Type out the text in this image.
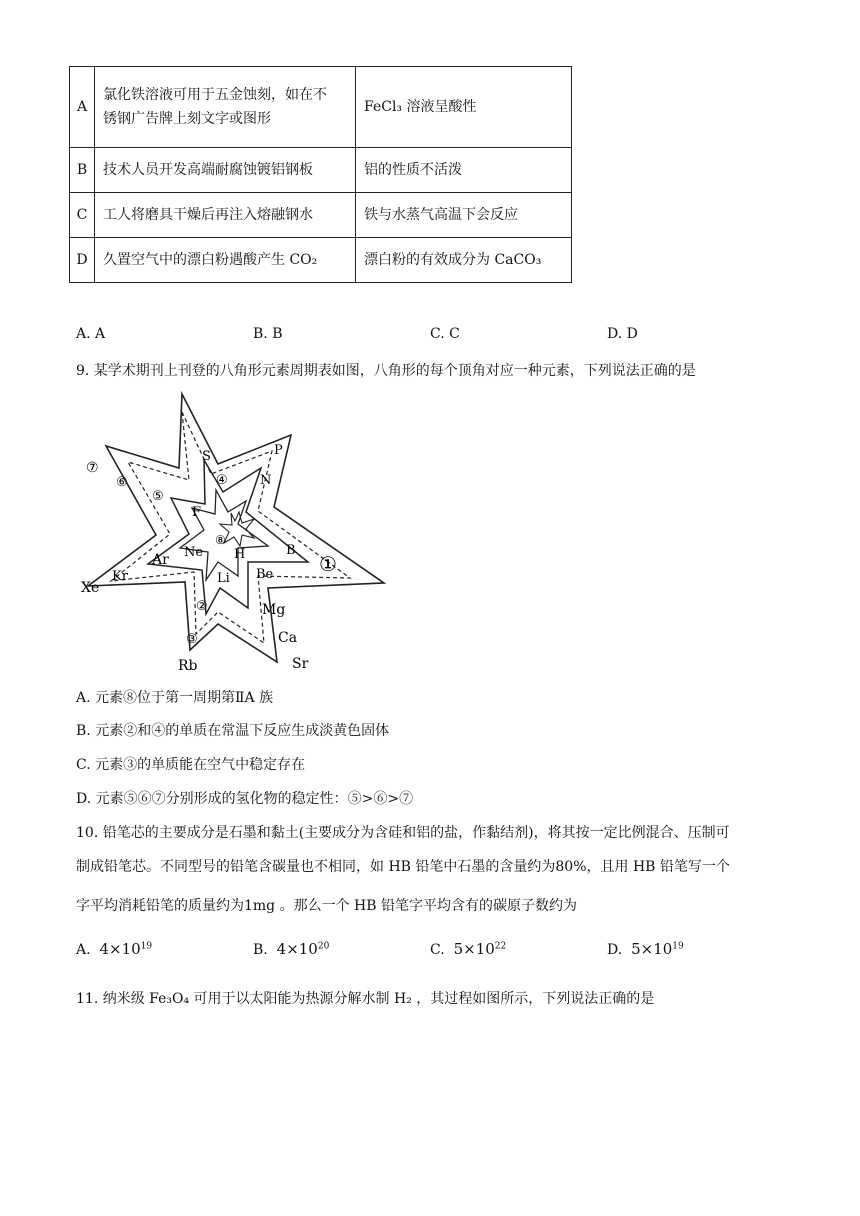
A	氯化铁溶液可用于五金蚀刻，如在不
锈钢广告牌上刻文字或图形	FeCl₃ 溶液呈酸性
B	技术人员开发高端耐腐蚀镀铝钢板	铝的性质不活泼
C	工人将磨具干燥后再注入熔融钢水	铁与水蒸气高温下会反应
D	久置空气中的漂白粉遇酸产生 CO₂	漂白粉的有效成分为 CaCO₃
A. A	B. B	C. C	D. D
9. 某学术期刊上刊登的八角形元素周期表如图，八角形的每个顶角对应一种元素，下列说法正确的是
⑦
⑥
⑤
S	P
N
④
F
⑧
Ne H	B
Ar	①
Kr
Xe
Li Be
②	Mg
③	Ca
Rb	Sr
A. 元素⑧位于第一周期第ⅡA 族
B. 元素②和④的单质在常温下反应生成淡黄色固体
C. 元素③的单质能在空气中稳定存在
D. 元素⑤⑥⑦分别形成的氢化物的稳定性：⑤>⑥>⑦
10. 铅笔芯的主要成分是石墨和黏土(主要成分为含硅和铝的盐，作黏结剂)，将其按一定比例混合、压制可
制成铅笔芯。不同型号的铅笔含碳量也不相同，如 HB 铅笔中石墨的含量约为80%，且用 HB 铅笔写一个
字平均消耗铅笔的质量约为1mg 。那么一个 HB 铅笔字平均含有的碳原子数约为
A. $4\times 10^{19}$	B. $4\times 10^{20}$	C. $5\times 10^{22}$	D. $5\times 10^{19}$
11. 纳米级 Fe₃O₄ 可用于以太阳能为热源分解水制 H₂ ，其过程如图所示，下列说法正确的是
